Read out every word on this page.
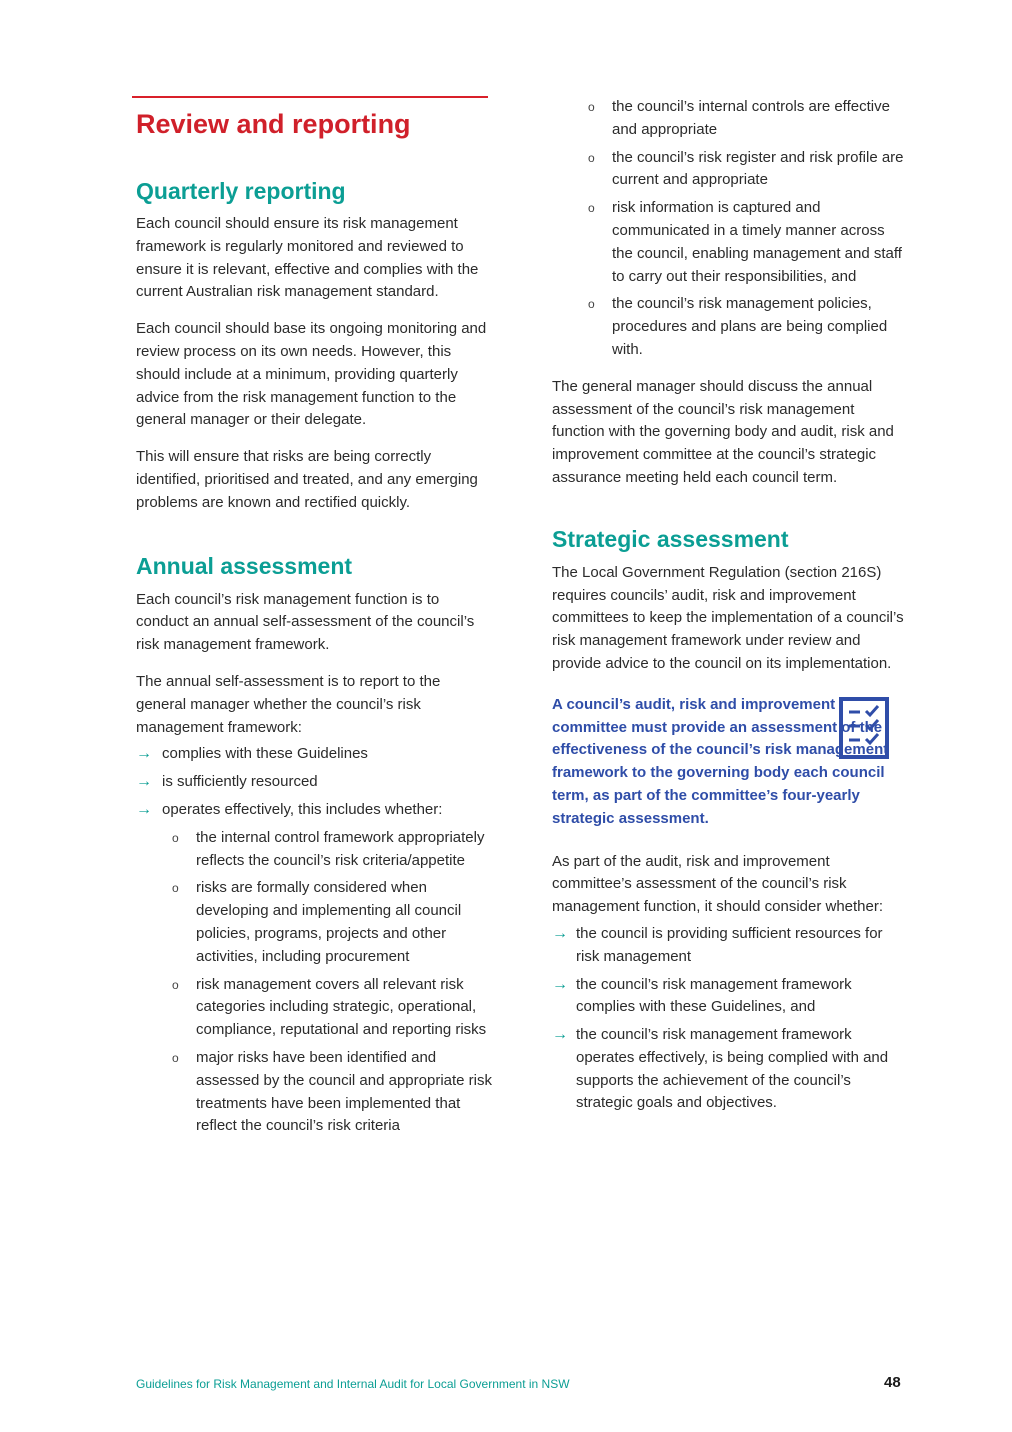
Review and reporting
Quarterly reporting

Each council should ensure its risk management framework is regularly monitored and reviewed to ensure it is relevant, effective and complies with the current Australian risk management standard.

Each council should base its ongoing monitoring and review process on its own needs. However, this should include at a minimum, providing quarterly advice from the risk management function to the general manager or their delegate.

This will ensure that risks are being correctly identified, prioritised and treated, and any emerging problems are known and rectified quickly.

Annual assessment

Each council’s risk management function is to conduct an annual self-assessment of the council’s risk management framework.

The annual self-assessment is to report to the general manager whether the council’s risk management framework:

→ complies with these Guidelines
→ is sufficiently resourced
→ operates effectively, this includes whether:
o	the internal control framework appropriately reflects the council’s risk criteria/appetite
o	risks are formally considered when developing and implementing all council policies, programs, projects and other activities, including procurement
o	risk management covers all relevant risk categories including strategic, operational, compliance, reputational and reporting risks
o	major risks have been identified and assessed by the council and appropriate risk treatments have been implemented that reflect the council’s risk criteria
o	the council’s internal controls are effective and appropriate
o	the council’s risk register and risk profile are current and appropriate
o	risk information is captured and communicated in a timely manner across the council, enabling management and staff to carry out their responsibilities, and
o	the council’s risk management policies, procedures and plans are being complied with.

The general manager should discuss the annual assessment of the council’s risk management function with the governing body and audit, risk and improvement committee at the council’s strategic assurance meeting held each council term.

Strategic assessment

The Local Government Regulation (section 216S) requires councils’ audit, risk and improvement committees to keep the implementation of a council’s risk management framework under review and provide advice to the council on its implementation.

A council’s audit, risk and improvement committee must provide an assessment of the effectiveness of the council’s risk management framework to the governing body each council term, as part of the committee’s four-yearly strategic assessment.

As part of the audit, risk and improvement committee’s assessment of the council’s risk management function, it should consider whether:

→ the council is providing sufficient resources for risk management
→ the council’s risk management framework complies with these Guidelines, and
→ the council’s risk management framework operates effectively, is being complied with and supports the achievement of the council’s strategic goals and objectives.
Guidelines for Risk Management and Internal Audit for Local Government in NSW	48
